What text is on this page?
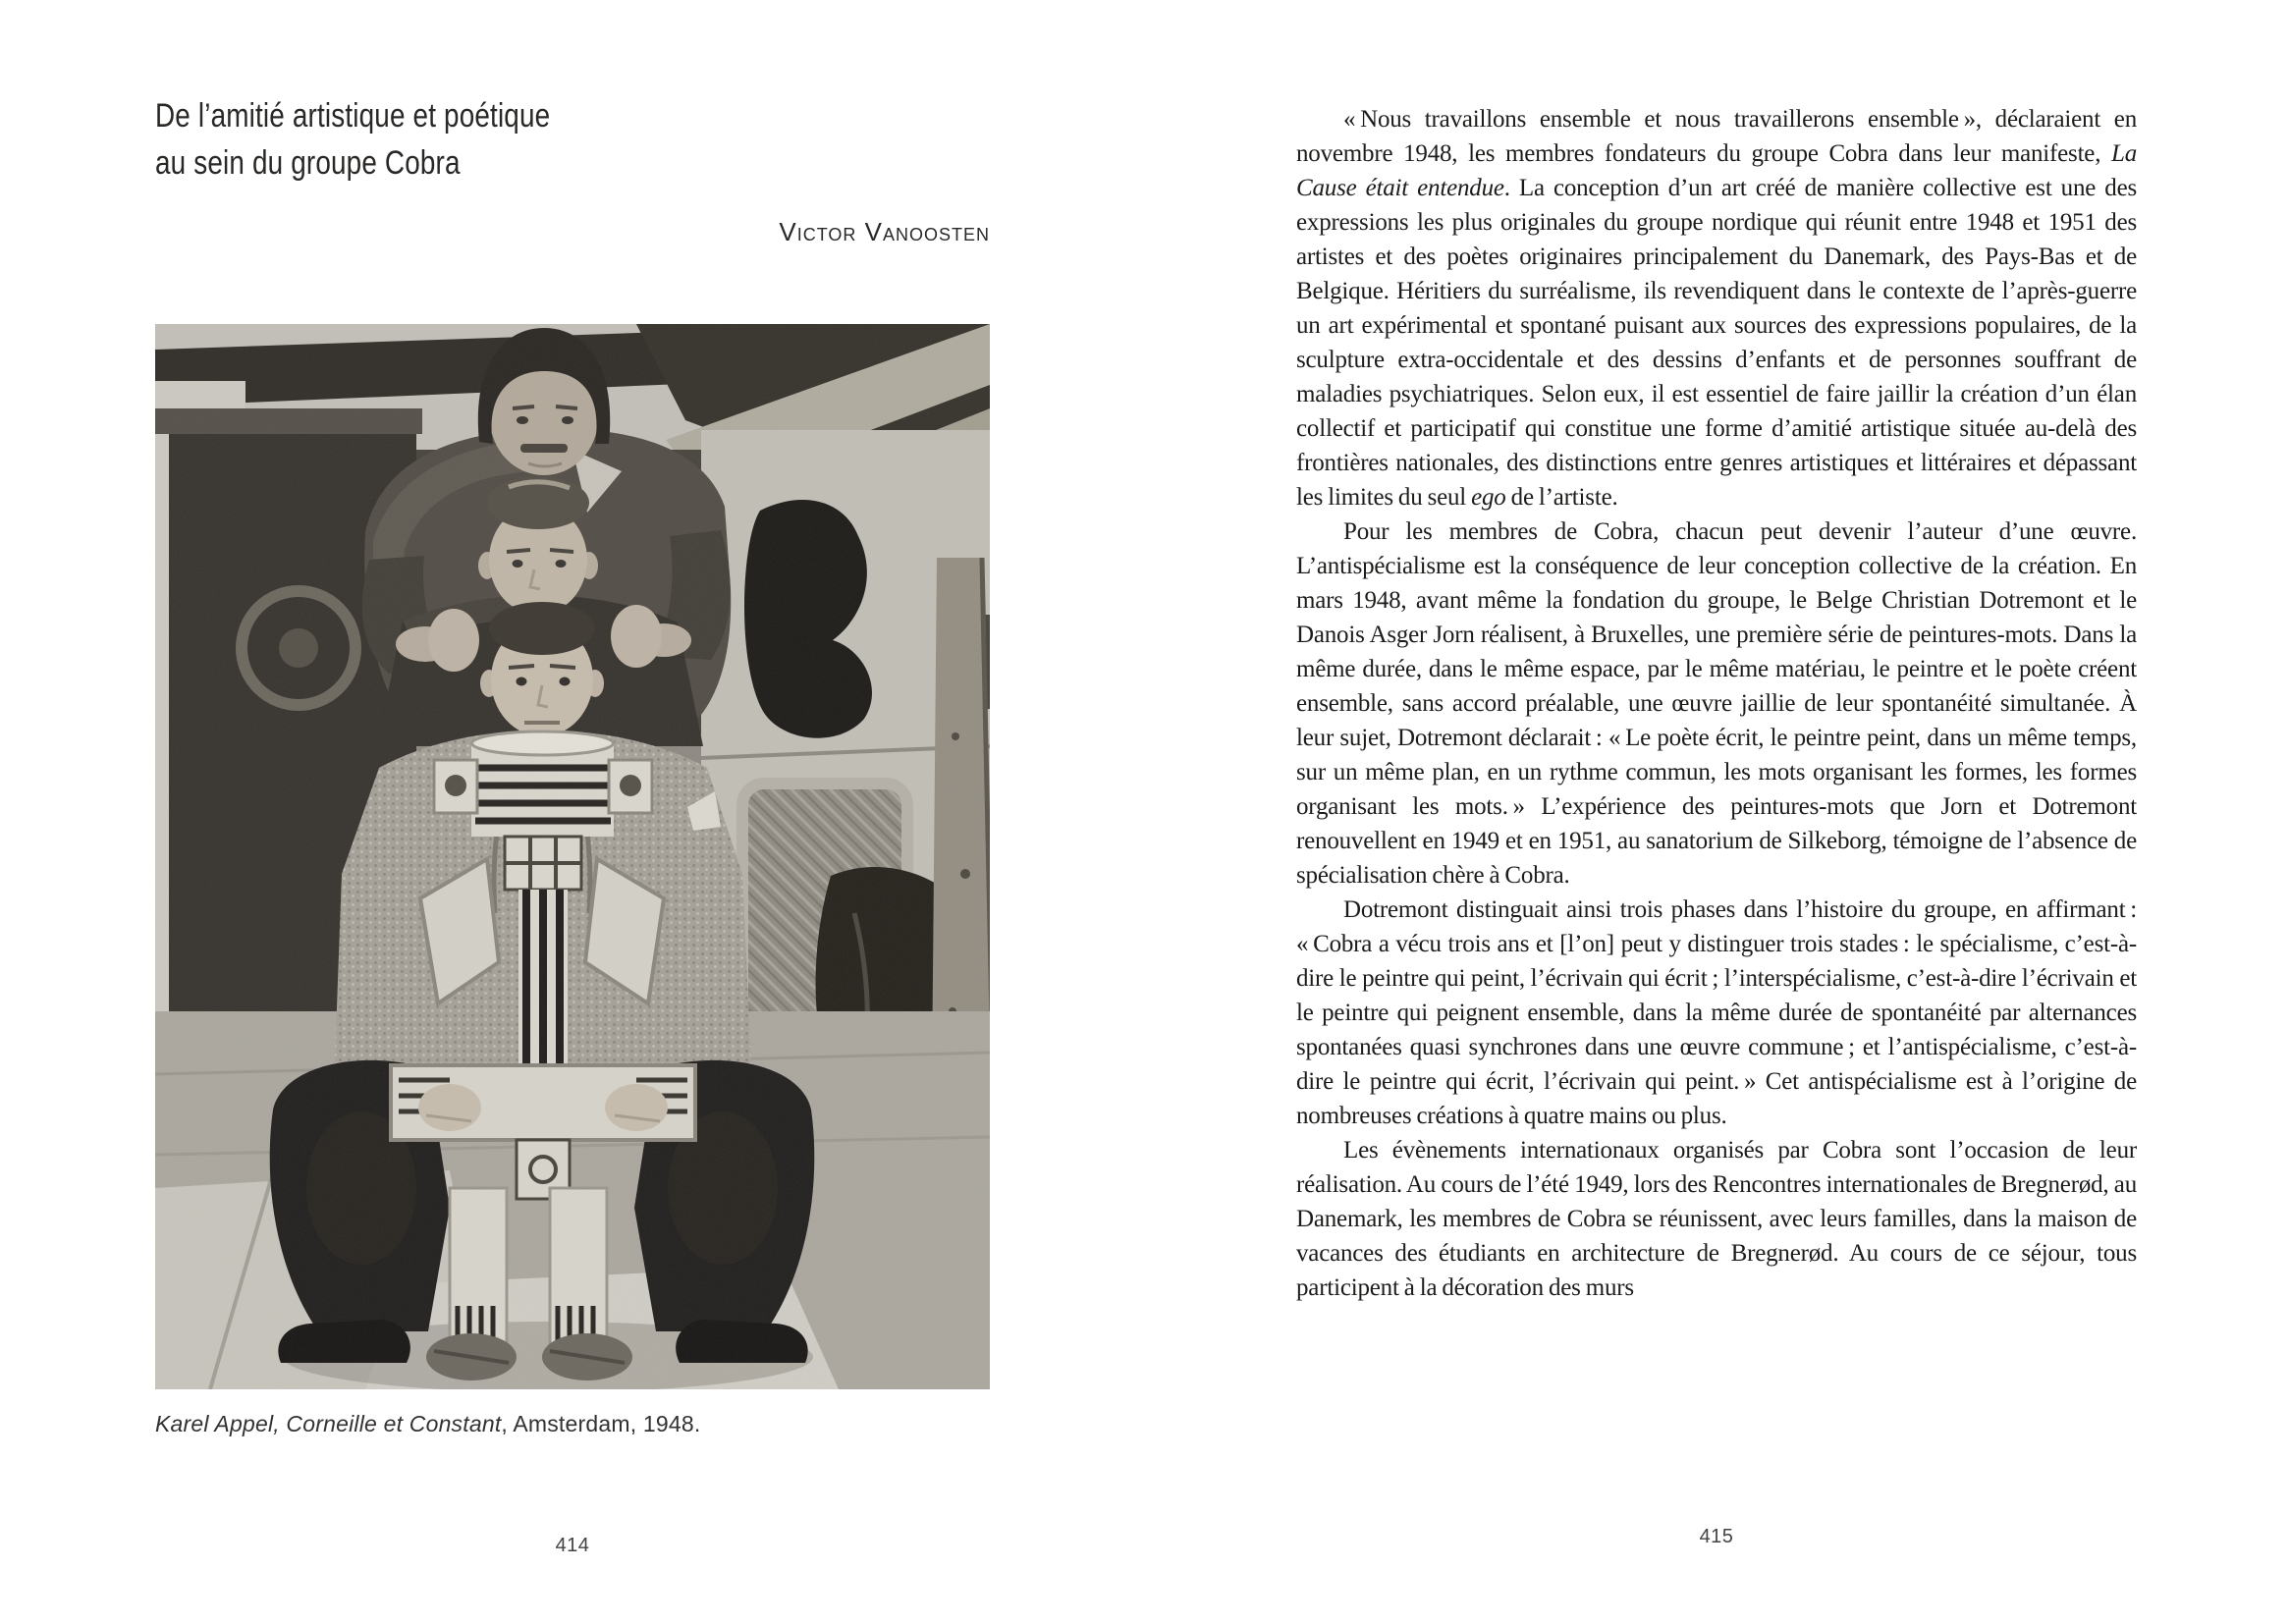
De l’amitié artistique et poétique
au sein du groupe Cobra
Victor Vanoosten
Karel Appel, Corneille et Constant, Amsterdam, 1948.
414

« Nous travaillons ensemble et nous travaillerons ensemble », déclaraient en novembre 1948, les membres fondateurs du groupe Cobra dans leur manifeste, La Cause était entendue. La conception d’un art créé de manière collective est une des expressions les plus originales du groupe nordique qui réunit entre 1948 et 1951 des artistes et des poètes originaires principalement du Danemark, des Pays-Bas et de Belgique. Héritiers du surréalisme, ils revendiquent dans le contexte de l’après-guerre un art expérimental et spontané puisant aux sources des expressions populaires, de la sculpture extra-occidentale et des dessins d’enfants et de personnes souffrant de maladies psychiatriques. Selon eux, il est essentiel de faire jaillir la création d’un élan collectif et participatif qui constitue une forme d’amitié artistique située au-delà des frontières nationales, des distinctions entre genres artistiques et littéraires et dépassant les limites du seul ego de l’artiste.

Pour les membres de Cobra, chacun peut devenir l’auteur d’une œuvre. L’antispécialisme est la conséquence de leur conception collective de la création. En mars 1948, avant même la fondation du groupe, le Belge Christian Dotremont et le Danois Asger Jorn réalisent, à Bruxelles, une première série de peintures-mots. Dans la même durée, dans le même espace, par le même matériau, le peintre et le poète créent ensemble, sans accord préalable, une œuvre jaillie de leur spontanéité simultanée. À leur sujet, Dotremont déclarait : « Le poète écrit, le peintre peint, dans un même temps, sur un même plan, en un rythme commun, les mots organisant les formes, les formes organisant les mots. » L’expérience des peintures-mots que Jorn et Dotremont renouvellent en 1949 et en 1951, au sanatorium de Silkeborg, témoigne de l’absence de spécialisation chère à Cobra.

Dotremont distinguait ainsi trois phases dans l’histoire du groupe, en affirmant : « Cobra a vécu trois ans et [l’on] peut y distinguer trois stades : le spécialisme, c’est-à-dire le peintre qui peint, l’écrivain qui écrit ; l’interspécialisme, c’est-à-dire l’écrivain et le peintre qui peignent ensemble, dans la même durée de spontanéité par alternances spontanées quasi synchrones dans une œuvre commune ; et l’antispécialisme, c’est-à-dire le peintre qui écrit, l’écrivain qui peint. » Cet antispécialisme est à l’origine de nombreuses créations à quatre mains ou plus.

Les évènements internationaux organisés par Cobra sont l’occasion de leur réalisation. Au cours de l’été 1949, lors des Rencontres internationales de Bregnerød, au Danemark, les membres de Cobra se réunissent, avec leurs familles, dans la maison de vacances des étudiants en architecture de Bregnerød. Au cours de ce séjour, tous participent à la décoration des murs

415
